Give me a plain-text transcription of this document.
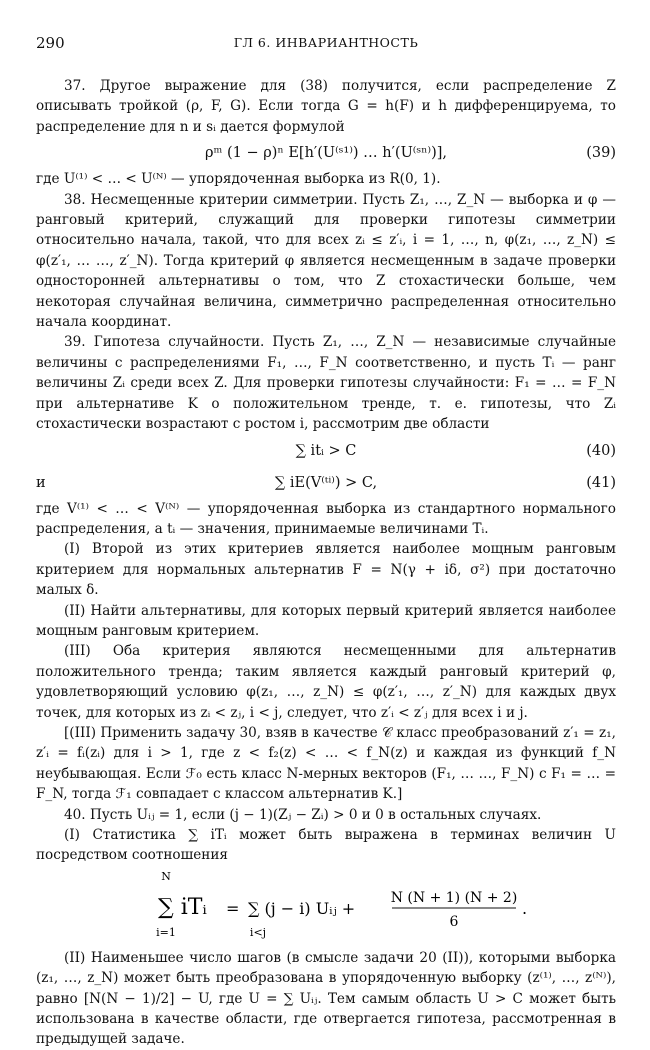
290	ГЛ 6. ИНВАРИАНТНОСТЬ

37. Другое выражение для (38) получится, если распределение Z описывать тройкой (ρ, F, G). Если тогда G = h(F) и h дифференцируема, то распределение для n и sᵢ дается формулой

ρᵐ (1 − ρ)ⁿ E[h′(U⁽ˢ¹⁾) … h′(U⁽ˢⁿ⁾)],	(39)

где U⁽¹⁾ < … < U⁽ᴺ⁾ — упорядоченная выборка из R(0, 1).

38. Несмещенные критерии симметрии. Пусть Z₁, …, Z_N — выборка и φ — ранговый критерий, служащий для проверки гипотезы симметрии относительно начала, такой, что для всех zᵢ ≤ z′ᵢ, i = 1, …, n, φ(z₁, …, z_N) ≤ φ(z′₁, … …, z′_N). Тогда критерий φ является несмещенным в задаче проверки односторонней альтернативы о том, что Z стохастически больше, чем некоторая случайная величина, симметрично распределенная относительно начала координат.

39. Гипотеза случайности. Пусть Z₁, …, Z_N — независимые случайные величины с распределениями F₁, …, F_N соответственно, и пусть Tᵢ — ранг величины Zᵢ среди всех Z. Для проверки гипотезы случайности: F₁ = … = F_N при альтернативе K о положительном тренде, т. е. гипотезы, что Zᵢ стохастически возрастают с ростом i, рассмотрим две области

∑ itᵢ > C	(40)
и	∑ iE(V⁽ᵗⁱ⁾) > C,	(41)

где V⁽¹⁾ < … < V⁽ᴺ⁾ — упорядоченная выборка из стандартного нормального распределения, а tᵢ — значения, принимаемые величинами Tᵢ.

(I) Второй из этих критериев является наиболее мощным ранговым критерием для нормальных альтернатив F = N(γ + iδ, σ²) при достаточно малых δ.

(II) Найти альтернативы, для которых первый критерий является наиболее мощным ранговым критерием.

(III) Оба критерия являются несмещенными для альтернатив положительного тренда; таким является каждый ранговый критерий φ, удовлетворяющий условию φ(z₁, …, z_N) ≤ φ(z′₁, …, z′_N) для каждых двух точек, для которых из zᵢ < zⱼ, i < j, следует, что z′ᵢ < z′ⱼ для всех i и j.

[(III) Применить задачу 30, взяв в качестве 𝒞 класс преобразований z′₁ = z₁, z′ᵢ = fᵢ(zᵢ) для i > 1, где z < f₂(z) < … < f_N(z) и каждая из функций f_N неубывающая. Если ℱ₀ есть класс N-мерных векторов (F₁, … …, F_N) с F₁ = … = F_N, тогда ℱ₁ совпадает с классом альтернатив K.]

40. Пусть Uᵢⱼ = 1, если (j − 1)(Zⱼ − Zᵢ) > 0 и 0 в остальных случаях.

(I) Статистика ∑ iTᵢ может быть выражена в терминах величин U посредством соотношения

N
∑ iTᵢ
i=1
= ∑ (j − i) Uᵢⱼ +
i<j
N (N + 1) (N + 2)
6
.

(II) Наименьшее число шагов (в смысле задачи 20 (II)), которыми выборка (z₁, …, z_N) может быть преобразована в упорядоченную выборку (z⁽¹⁾, …, z⁽ᴺ⁾), равно [N(N − 1)/2] − U, где U = ∑ Uᵢⱼ. Тем самым область U > C может быть использована в качестве области, где отвергается гипотеза, рассмотренная в предыдущей задаче.
